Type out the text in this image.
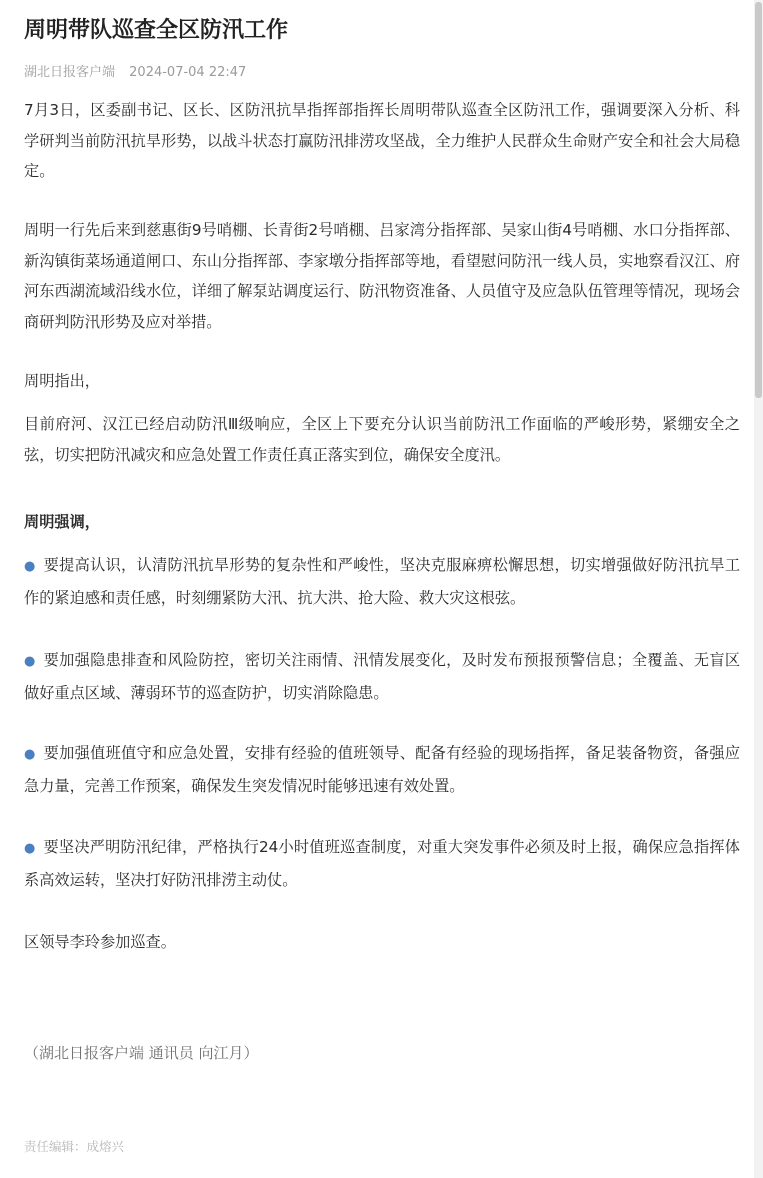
周明带队巡查全区防汛工作
湖北日报客户端 2024-07-04 22:47

7月3日，区委副书记、区长、区防汛抗旱指挥部指挥长周明带队巡查全区防汛工作，强调要深入分析、科学研判当前防汛抗旱形势，以战斗状态打赢防汛排涝攻坚战，全力维护人民群众生命财产安全和社会大局稳定。

周明一行先后来到慈惠街9号哨棚、长青街2号哨棚、吕家湾分指挥部、吴家山街4号哨棚、水口分指挥部、新沟镇街菜场通道闸口、东山分指挥部、李家墩分指挥部等地，看望慰问防汛一线人员，实地察看汉江、府河东西湖流域沿线水位，详细了解泵站调度运行、防汛物资准备、人员值守及应急队伍管理等情况，现场会商研判防汛形势及应对举措。

周明指出，

目前府河、汉江已经启动防汛Ⅲ级响应，全区上下要充分认识当前防汛工作面临的严峻形势，紧绷安全之弦，切实把防汛减灾和应急处置工作责任真正落实到位，确保安全度汛。

周明强调，

● 要提高认识，认清防汛抗旱形势的复杂性和严峻性，坚决克服麻痹松懈思想，切实增强做好防汛抗旱工作的紧迫感和责任感，时刻绷紧防大汛、抗大洪、抢大险、救大灾这根弦。

● 要加强隐患排查和风险防控，密切关注雨情、汛情发展变化，及时发布预报预警信息；全覆盖、无盲区做好重点区域、薄弱环节的巡查防护，切实消除隐患。

● 要加强值班值守和应急处置，安排有经验的值班领导、配备有经验的现场指挥，备足装备物资，备强应急力量，完善工作预案，确保发生突发情况时能够迅速有效处置。

● 要坚决严明防汛纪律，严格执行24小时值班巡查制度，对重大突发事件必须及时上报，确保应急指挥体系高效运转，坚决打好防汛排涝主动仗。

区领导李玲参加巡查。

（湖北日报客户端 通讯员 向江月）
责任编辑：成熔兴
